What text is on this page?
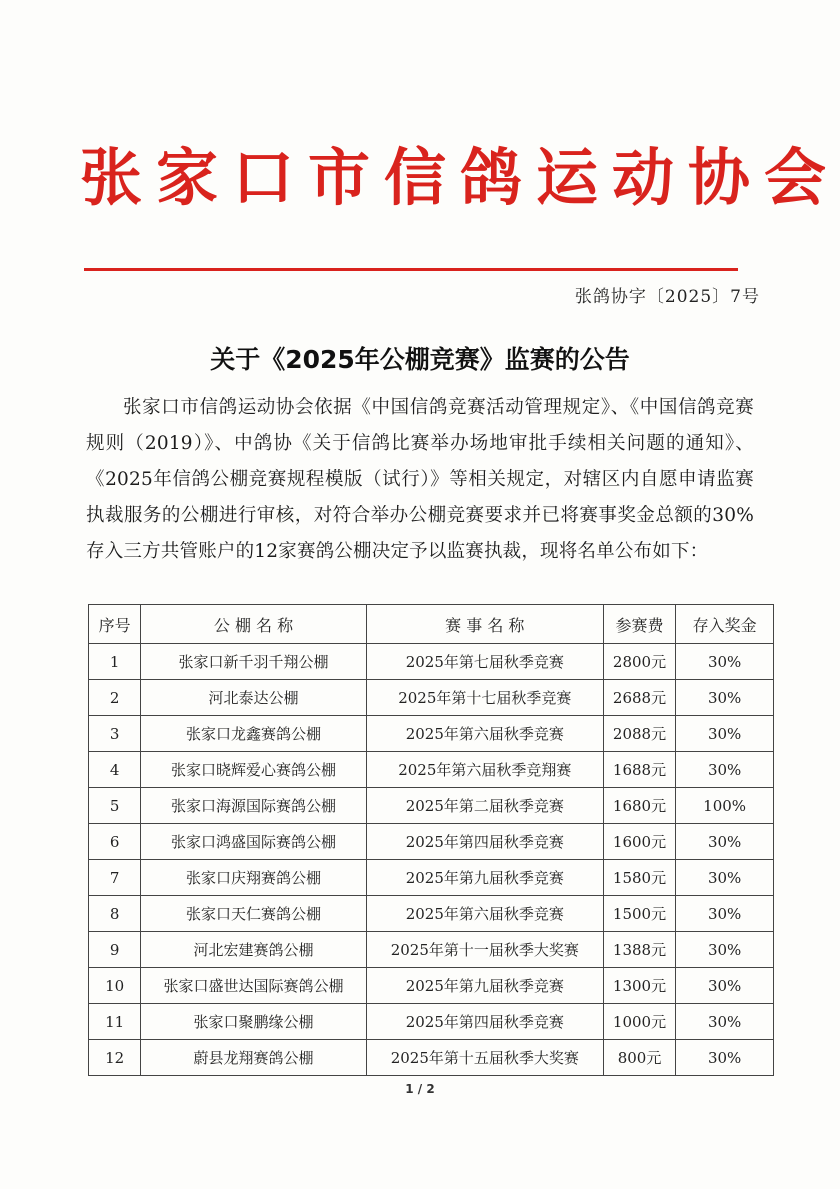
张家口市信鸽运动协会
张鸽协字〔2025〕7号
关于《2025年公棚竞赛》监赛的公告
张家口市信鸽运动协会依据《中国信鸽竞赛活动管理规定》、《中国信鸽竞赛规则（2019）》、中鸽协《关于信鸽比赛举办场地审批手续相关问题的通知》、《2025年信鸽公棚竞赛规程模版（试行）》等相关规定，对辖区内自愿申请监赛执裁服务的公棚进行审核，对符合举办公棚竞赛要求并已将赛事奖金总额的30%存入三方共管账户的12家赛鸽公棚决定予以监赛执裁，现将名单公布如下：
序号	公 棚 名 称	赛 事 名 称	参赛费	存入奖金
1	张家口新千羽千翔公棚	2025年第七届秋季竞赛	2800元	30%
2	河北泰达公棚	2025年第十七届秋季竞赛	2688元	30%
3	张家口龙鑫赛鸽公棚	2025年第六届秋季竞赛	2088元	30%
4	张家口晓辉爱心赛鸽公棚	2025年第六届秋季竞翔赛	1688元	30%
5	张家口海源国际赛鸽公棚	2025年第二届秋季竞赛	1680元	100%
6	张家口鸿盛国际赛鸽公棚	2025年第四届秋季竞赛	1600元	30%
7	张家口庆翔赛鸽公棚	2025年第九届秋季竞赛	1580元	30%
8	张家口天仁赛鸽公棚	2025年第六届秋季竞赛	1500元	30%
9	河北宏建赛鸽公棚	2025年第十一届秋季大奖赛	1388元	30%
10	张家口盛世达国际赛鸽公棚	2025年第九届秋季竞赛	1300元	30%
11	张家口聚鹏缘公棚	2025年第四届秋季竞赛	1000元	30%
12	蔚县龙翔赛鸽公棚	2025年第十五届秋季大奖赛	800元	30%
1 / 2
